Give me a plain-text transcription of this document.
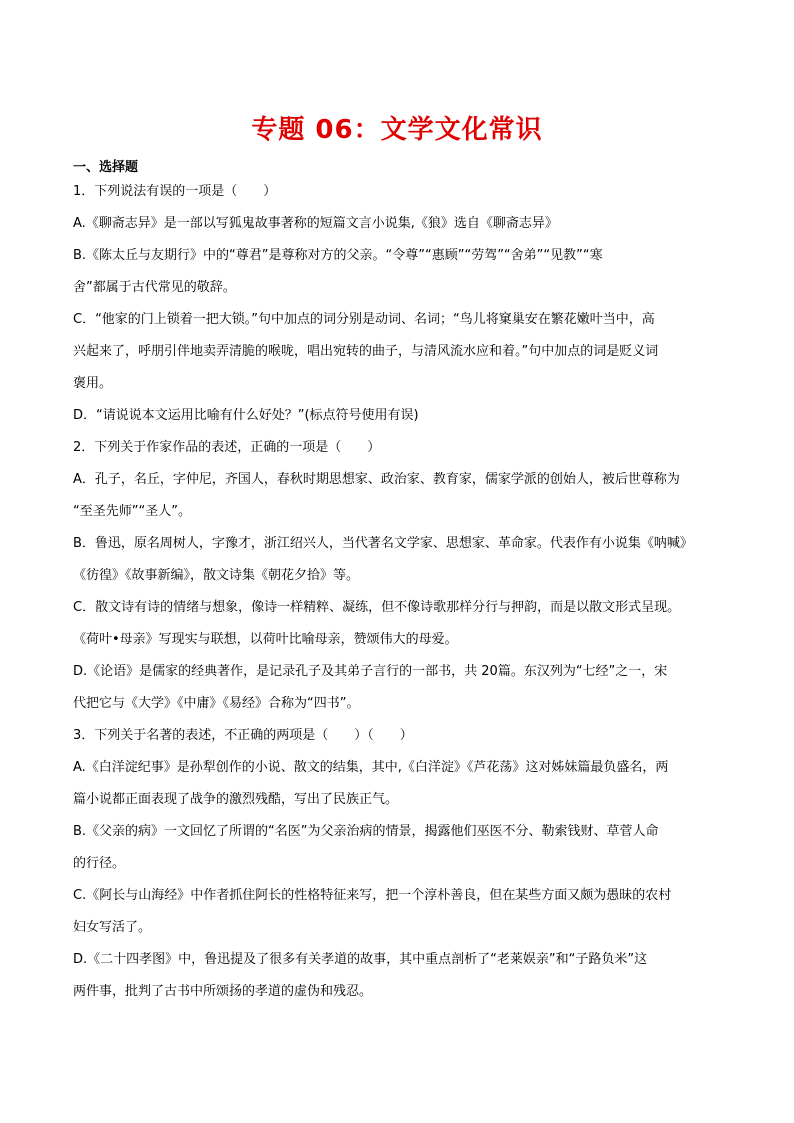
专题 06：文学文化常识
一、选择题
1．下列说法有误的一项是（　　）
A.《聊斋志异》是一部以写狐鬼故事著称的短篇文言小说集,《狼》选自《聊斋志异》
B.《陈太丘与友期行》中的“尊君”是尊称对方的父亲。“令尊”“惠顾”“劳驾”“舍弟”“见教”“寒
舍”都属于古代常见的敬辞。
C．“他家的门上锁着一把大锁。”句中加点的词分别是动词、名词；“鸟儿将窠巢安在繁花嫩叶当中，高
兴起来了，呼朋引伴地卖弄清脆的喉咙，唱出宛转的曲子，与清风流水应和着。”句中加点的词是贬义词
褒用。
D．“请说说本文运用比喻有什么好处？”(标点符号使用有误)
2．下列关于作家作品的表述，正确的一项是（　　）
A．孔子，名丘，字仲尼，齐国人，春秋时期思想家、政治家、教育家，儒家学派的创始人，被后世尊称为
“至圣先师”“圣人”。
B．鲁迅，原名周树人，字豫才，浙江绍兴人，当代著名文学家、思想家、革命家。代表作有小说集《呐喊》
《彷徨》《故事新编》，散文诗集《朝花夕拾》等。
C．散文诗有诗的情绪与想象，像诗一样精粹、凝练，但不像诗歌那样分行与押韵，而是以散文形式呈现。
《荷叶•母亲》写现实与联想，以荷叶比喻母亲，赞颂伟大的母爱。
D.《论语》是儒家的经典著作，是记录孔子及其弟子言行的一部书，共 20篇。东汉列为“七经”之一，宋
代把它与《大学》《中庸》《易经》合称为“四书”。
3．下列关于名著的表述，不正确的两项是（　　）（　　）
A.《白洋淀纪事》是孙犁创作的小说、散文的结集，其中,《白洋淀》《芦花荡》这对姊妹篇最负盛名，两
篇小说都正面表现了战争的激烈残酷，写出了民族正气。
B.《父亲的病》一文回忆了所谓的“名医”为父亲治病的情景，揭露他们巫医不分、勒索钱财、草菅人命
的行径。
C.《阿长与山海经》中作者抓住阿长的性格特征来写，把一个淳朴善良，但在某些方面又颇为愚昧的农村
妇女写活了。
D.《二十四孝图》中，鲁迅提及了很多有关孝道的故事，其中重点剖析了“老莱娱亲”和“子路负米”这
两件事，批判了古书中所颂扬的孝道的虚伪和残忍。
